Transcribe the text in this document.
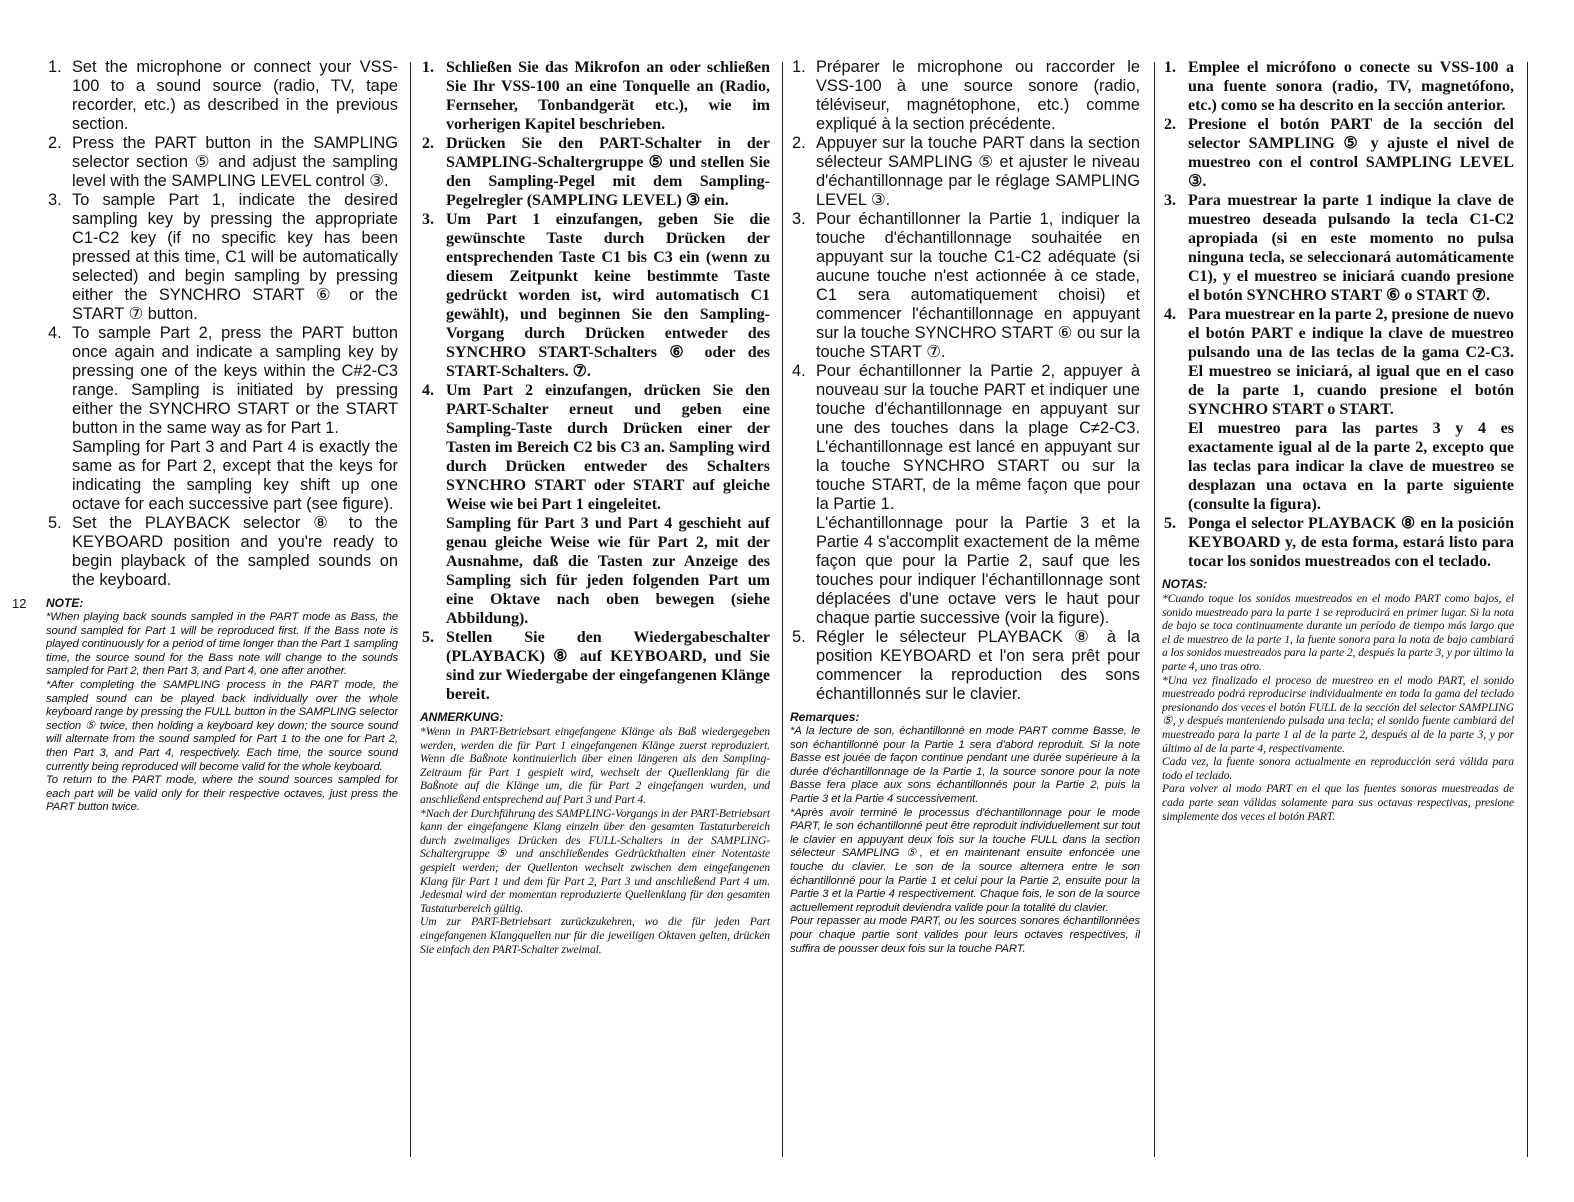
12
1. Set the microphone or connect your VSS-100 to a sound source (radio, TV, tape recorder, etc.) as described in the previous section.
2. Press the PART button in the SAMPLING selector section ⑤ and adjust the sampling level with the SAMPLING LEVEL control ③.
3. To sample Part 1, indicate the desired sampling key by pressing the appropriate C1-C2 key (if no specific key has been pressed at this time, C1 will be automatically selected) and begin sampling by pressing either the SYNCHRO START ⑥ or the START ⑦ button.
4. To sample Part 2, press the PART button once again and indicate a sampling key by pressing one of the keys within the C#2-C3 range. Sampling is initiated by pressing either the SYNCHRO START or the START button in the same way as for Part 1.
Sampling for Part 3 and Part 4 is exactly the same as for Part 2, except that the keys for indicating the sampling key shift up one octave for each successive part (see figure).
5. Set the PLAYBACK selector ⑧ to the KEYBOARD position and you're ready to begin playback of the sampled sounds on the keyboard.
NOTE:

*When playing back sounds sampled in the PART mode as Bass, the sound sampled for Part 1 will be reproduced first. If the Bass note is played continuously for a period of time longer than the Part 1 sampling time, the source sound for the Bass note will change to the sounds sampled for Part 2, then Part 3, and Part 4, one after another.

*After completing the SAMPLING process in the PART mode, the sampled sound can be played back individually over the whole keyboard range by pressing the FULL button in the SAMPLING selector section ⑤ twice, then holding a keyboard key down; the source sound will alternate from the sound sampled for Part 1 to the one for Part 2, then Part 3, and Part 4, respectively. Each time, the source sound currently being reproduced will become valid for the whole keyboard.

To return to the PART mode, where the sound sources sampled for each part will be valid only for their respective octaves, just press the PART button twice.

1. Schließen Sie das Mikrofon an oder schließen Sie Ihr VSS-100 an eine Tonquelle an (Radio, Fernseher, Tonbandgerät etc.), wie im vorherigen Kapitel beschrieben.
2. Drücken Sie den PART-Schalter in der SAMPLING-Schaltergruppe ⑤ und stellen Sie den Sampling-Pegel mit dem Sampling-Pegelregler (SAMPLING LEVEL) ③ ein.
3. Um Part 1 einzufangen, geben Sie die gewünschte Taste durch Drücken der entsprechenden Taste C1 bis C3 ein (wenn zu diesem Zeitpunkt keine bestimmte Taste gedrückt worden ist, wird automatisch C1 gewählt), und beginnen Sie den Sampling-Vorgang durch Drücken entweder des SYNCHRO START-Schalters ⑥ oder des START-Schalters. ⑦.
4. Um Part 2 einzufangen, drücken Sie den PART-Schalter erneut und geben eine Sampling-Taste durch Drücken einer der Tasten im Bereich C2 bis C3 an. Sampling wird durch Drücken entweder des Schalters SYNCHRO START oder START auf gleiche Weise wie bei Part 1 eingeleitet.
Sampling für Part 3 und Part 4 geschieht auf genau gleiche Weise wie für Part 2, mit der Ausnahme, daß die Tasten zur Anzeige des Sampling sich für jeden folgenden Part um eine Oktave nach oben bewegen (siehe Abbildung).
5. Stellen Sie den Wiedergabeschalter (PLAYBACK) ⑧ auf KEYBOARD, und Sie sind zur Wiedergabe der eingefangenen Klänge bereit.
ANMERKUNG:

*Wenn in PART-Betriebsart eingefangene Klänge als Baß wiedergegeben werden, werden die für Part 1 eingefangenen Klänge zuerst reproduziert. Wenn die Baßnote kontinuierlich über einen längeren als den Sampling-Zeitraum für Part 1 gespielt wird, wechselt der Quellenklang für die Baßnote auf die Klänge um, die für Part 2 eingefangen wurden, und anschließend entsprechend auf Part 3 und Part 4.

*Nach der Durchführung des SAMPLING-Vorgangs in der PART-Betriebsart kann der eingefangene Klang einzeln über den gesamten Tastaturbereich durch zweimaliges Drücken des FULL-Schalters in der SAMPLING-Schaltergruppe ⑤ und anschließendes Gedrückthalten einer Notentaste gespielt werden; der Quellenton wechselt zwischen dem eingefangenen Klang für Part 1 und dem für Part 2, Part 3 und anschließend Part 4 um. Jedesmal wird der momentan reproduzierte Quellenklang für den gesamten Tastaturbereich gültig.

Um zur PART-Betriebsart zurückzukehren, wo die für jeden Part eingefangenen Klangquellen nur für die jeweiligen Oktaven gelten, drücken Sie einfach den PART-Schalter zweimal.

1. Préparer le microphone ou raccorder le VSS-100 à une source sonore (radio, téléviseur, magnétophone, etc.) comme expliqué à la section précédente.
2. Appuyer sur la touche PART dans la section sélecteur SAMPLING ⑤ et ajuster le niveau d'échantillonnage par le réglage SAMPLING LEVEL ③.
3. Pour échantillonner la Partie 1, indiquer la touche d'échantillonnage souhaitée en appuyant sur la touche C1-C2 adéquate (si aucune touche n'est actionnée à ce stade, C1 sera automatiquement choisi) et commencer l'échantillonnage en appuyant sur la touche SYNCHRO START ⑥ ou sur la touche START ⑦.
4. Pour échantillonner la Partie 2, appuyer à nouveau sur la touche PART et indiquer une touche d'échantillonnage en appuyant sur une des touches dans la plage C≠2-C3. L'échantillonnage est lancé en appuyant sur la touche SYNCHRO START ou sur la touche START, de la même façon que pour la Partie 1.
L'échantillonnage pour la Partie 3 et la Partie 4 s'accomplit exactement de la même façon que pour la Partie 2, sauf que les touches pour indiquer l'échantillonnage sont déplacées d'une octave vers le haut pour chaque partie successive (voir la figure).
5. Régler le sélecteur PLAYBACK ⑧ à la position KEYBOARD et l'on sera prêt pour commencer la reproduction des sons échantillonnés sur le clavier.
Remarques:

*A la lecture de son, échantillonné en mode PART comme Basse, le son échantillonné pour la Partie 1 sera d'abord reproduit. Si la note Basse est jouée de façon continue pendant une durée supérieure à la durée d'échantillonnage de la Partie 1, la source sonore pour la note Basse fera place aux sons échantillonnés pour la Partie 2, puis la Partie 3 et la Partie 4 successivement.

*Après avoir terminé le processus d'échantillonnage pour le mode PART, le son échantillonné peut être reproduit individuellement sur tout le clavier en appuyant deux fois sur la touche FULL dans la section sélecteur SAMPLING ⑤, et en maintenant ensuite enfoncée une touche du clavier. Le son de la source alternera entre le son échantillonné pour la Partie 1 et celui pour la Partie 2, ensuite pour la Partie 3 et la Partie 4 respectivement. Chaque fois, le son de la source actuellement reproduit deviendra valide pour la totalité du clavier.

Pour repasser au mode PART, ou les sources sonores échantillonnées pour chaque partie sont valides pour leurs octaves respectives, il suffira de pousser deux fois sur la touche PART.

1. Emplee el micrófono o conecte su VSS-100 a una fuente sonora (radio, TV, magnetófono, etc.) como se ha descrito en la sección anterior.
2. Presione el botón PART de la sección del selector SAMPLING ⑤ y ajuste el nivel de muestreo con el control SAMPLING LEVEL ③.
3. Para muestrear la parte 1 indique la clave de muestreo deseada pulsando la tecla C1-C2 apropiada (si en este momento no pulsa ninguna tecla, se seleccionará automáticamente C1), y el muestreo se iniciará cuando presione el botón SYNCHRO START ⑥ o START ⑦.
4. Para muestrear en la parte 2, presione de nuevo el botón PART e indique la clave de muestreo pulsando una de las teclas de la gama C2-C3. El muestreo se iniciará, al igual que en el caso de la parte 1, cuando presione el botón SYNCHRO START o START.
El muestreo para las partes 3 y 4 es exactamente igual al de la parte 2, excepto que las teclas para indicar la clave de muestreo se desplazan una octava en la parte siguiente (consulte la figura).
5. Ponga el selector PLAYBACK ⑧ en la posición KEYBOARD y, de esta forma, estará listo para tocar los sonidos muestreados con el teclado.
NOTAS:

*Cuando toque los sonidos muestreados en el modo PART como bajos, el sonido muestreado para la parte 1 se reproducirá en primer lugar. Si la nota de bajo se toca continuamente durante un período de tiempo más largo que el de muestreo de la parte 1, la fuente sonora para la nota de bajo cambiará a los sonidos muestreados para la parte 2, después la parte 3, y por último la parte 4, uno tras otro.

*Una vez finalizado el proceso de muestreo en el modo PART, el sonido muestreado podrá reproducirse individualmente en toda la gama del teclado presionando dos veces el botón FULL de la sección del selector SAMPLING ⑤, y después manteniendo pulsada una tecla; el sonido fuente cambiará del muestreado para la parte 1 al de la parte 2, después al de la parte 3, y por último al de la parte 4, respectivamente.

Cada vez, la fuente sonora actualmente en reproducción será válida para todo el teclado.

Para volver al modo PART en el que las fuentes sonoras muestreadas de cada parte sean válidas solamente para sus octavas respectivas, presione simplemente dos veces el botón PART.
